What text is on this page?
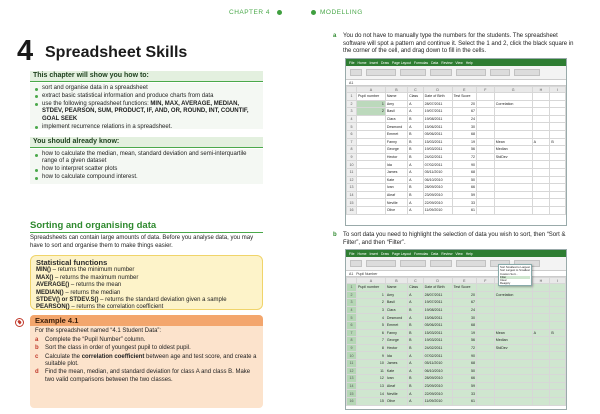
CHAPTER 4	MODELLING
4 Spreadsheet Skills
This chapter will show you how to:
sort and organise data in a spreadsheet
extract basic statistical information and produce charts from data
use the following spreadsheet functions: MIN, MAX, AVERAGE, MEDIAN, STDEV, PEARSON, SUM, PRODUCT, IF, AND, OR, ROUND, INT, COUNTIF, GOAL SEEK
implement recurrence relations in a spreadsheet.
You should already know:
how to calculate the median, mean, standard deviation and semi-interquartile range of a given dataset
how to interpret scatter plots
how to calculate compound interest.
Sorting and organising data
Spreadsheets can contain large amounts of data. Before you analyse data, you may have to sort and organise them to make things easier.
Statistical functions
MIN() – returns the minimum number
MAX() – returns the maximum number
AVERAGE() – returns the mean
MEDIAN() – returns the median
STDEV() or STDEV.S() – returns the standard deviation given a sample
PEARSON() – returns the correlation coefficient
Example 4.1
For the spreadsheet named “4.1 Student Data”:
a Complete the “Pupil Number” column.
b Sort the class in order of youngest pupil to oldest pupil.
c Calculate the correlation coefficient between age and test score, and create a suitable plot.
d Find the mean, median, and standard deviation for class A and class B. Make two valid comparisons between the two classes.
a	You do not have to manually type the numbers for the students. The spreadsheet software will spot a pattern and continue it. Select the 1 and 2, click the black square in the corner of the cell, and drag down to fill in the cells.
File Home Insert Draw Page Layout Formulas Data Review View Help
A1
	A	B	C	D	E	F	G	H	I
1	Pupil number	Name	Class	Date of Birth	Test Score				
2	1	Amy	A	28/07/2011	20		Correlation		
3	2	Basil	A	19/07/2011	67				
4		Clara	B	19/08/2011	24				
5		Desmond	A	15/06/2011	30				
6		Emmet	B	05/06/2011	68				
7		Fanny	B	15/03/2011	19		Mean	A	B
8		George	B	19/03/2011	56		Median		
9		Hector	B	24/02/2011	72		StdDev		
10		Ida	A	07/02/2011	90				
11		James	A	05/11/2010	68				
12		Kate	A	06/10/2010	50				
13		Ivan	B	28/09/2010	66				
14		Aleaf	B	23/09/2010	59				
15		Neville	A	22/09/2010	33				
16		Olive	A	11/09/2010	61				
b	To sort data you need to highlight the selection of data you wish to sort, then “Sort & Filter”, and then “Filter”.
File Home Insert Draw Page Layout Formulas Data Review View Help
A1 Pupil Number
	A	B	C	D	E	F		H	I
1	Pupil number	Name	Class	Date of Birth	Test Score				
2	1	Amy	A	28/07/2011	20		Correlation		
3	2	Basil	A	19/07/2011	67				
4	3	Clara	B	19/08/2011	24				
5	4	Desmond	A	15/06/2011	30				
6	5	Emmet	B	05/06/2011	68				
7	6	Fanny	B	15/03/2011	19		Mean	A	B
8	7	George	B	19/03/2011	56		Median		
9	8	Hector	B	24/02/2011	72		StdDev		
10	9	Ida	A	07/02/2011	90				
11	10	James	A	05/11/2010	68				
12	11	Kate	A	06/10/2010	50				
13	12	Ivan	B	28/09/2010	66				
14	13	Aleaf	B	23/09/2010	59				
15	14	Neville	A	22/09/2010	33				
16	15	Olive	A	11/09/2010	61				
Sort Smallest to Largest
Sort Largest to Smallest
Custom Sort...
Filter
Clear
Reapply
